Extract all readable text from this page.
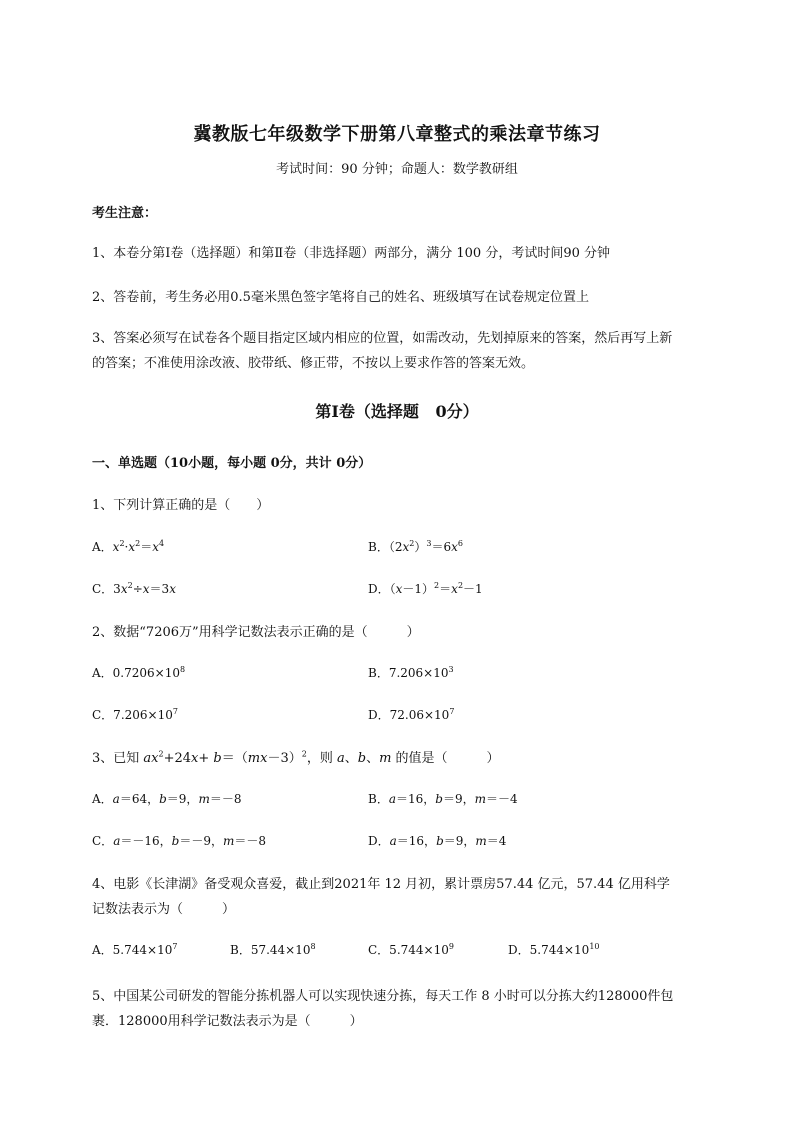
冀教版七年级数学下册第八章整式的乘法章节练习
考试时间：90 分钟；命题人：数学教研组
考生注意：
1、本卷分第Ⅰ卷（选择题）和第Ⅱ卷（非选择题）两部分，满分 100 分，考试时间90 分钟
2、答卷前，考生务必用0.5毫米黑色签字笔将自己的姓名、班级填写在试卷规定位置上
3、答案必须写在试卷各个题目指定区域内相应的位置，如需改动，先划掉原来的答案，然后再写上新
的答案；不准使用涂改液、胶带纸、修正带，不按以上要求作答的答案无效。
第Ⅰ卷（选择题   0分）
一、单选题（10小题，每小题 0分，共计 0分）
1、下列计算正确的是（　　）
A．$x^2\cdot x^2=x^4$	B．$(2x^2)^3=6x^6$
C．$3x^2\div x=3x$	D．$(x-1)^2=x^2-1$
2、数据“7206万”用科学记数法表示正确的是（　　　）
A．$0.7206\times 10^8$	B．$7.206\times 10^3$
C．$7.206\times 10^7$	D．$72.06\times 10^7$
3、已知 $ax^2+24x+ b=(mx-3)^2$，则 a、b、m 的值是（　　　）
A．a＝64，b＝9，m＝－8	B．a＝16，b＝9，m＝－4
C．a＝－16，b＝－9，m＝－8	D．a＝16，b＝9，m＝4
4、电影《长津湖》备受观众喜爱，截止到2021年 12 月初，累计票房57.44 亿元，57.44 亿用科学
记数法表示为（　　　）
A．$5.744\times 10^7$	B．$57.44\times 10^8$	C．$5.744\times 10^9$	D．$5.744\times 10^{10}$
5、中国某公司研发的智能分拣机器人可以实现快速分拣，每天工作 8 小时可以分拣大约128000件包
裹．128000用科学记数法表示为是（　　　）
